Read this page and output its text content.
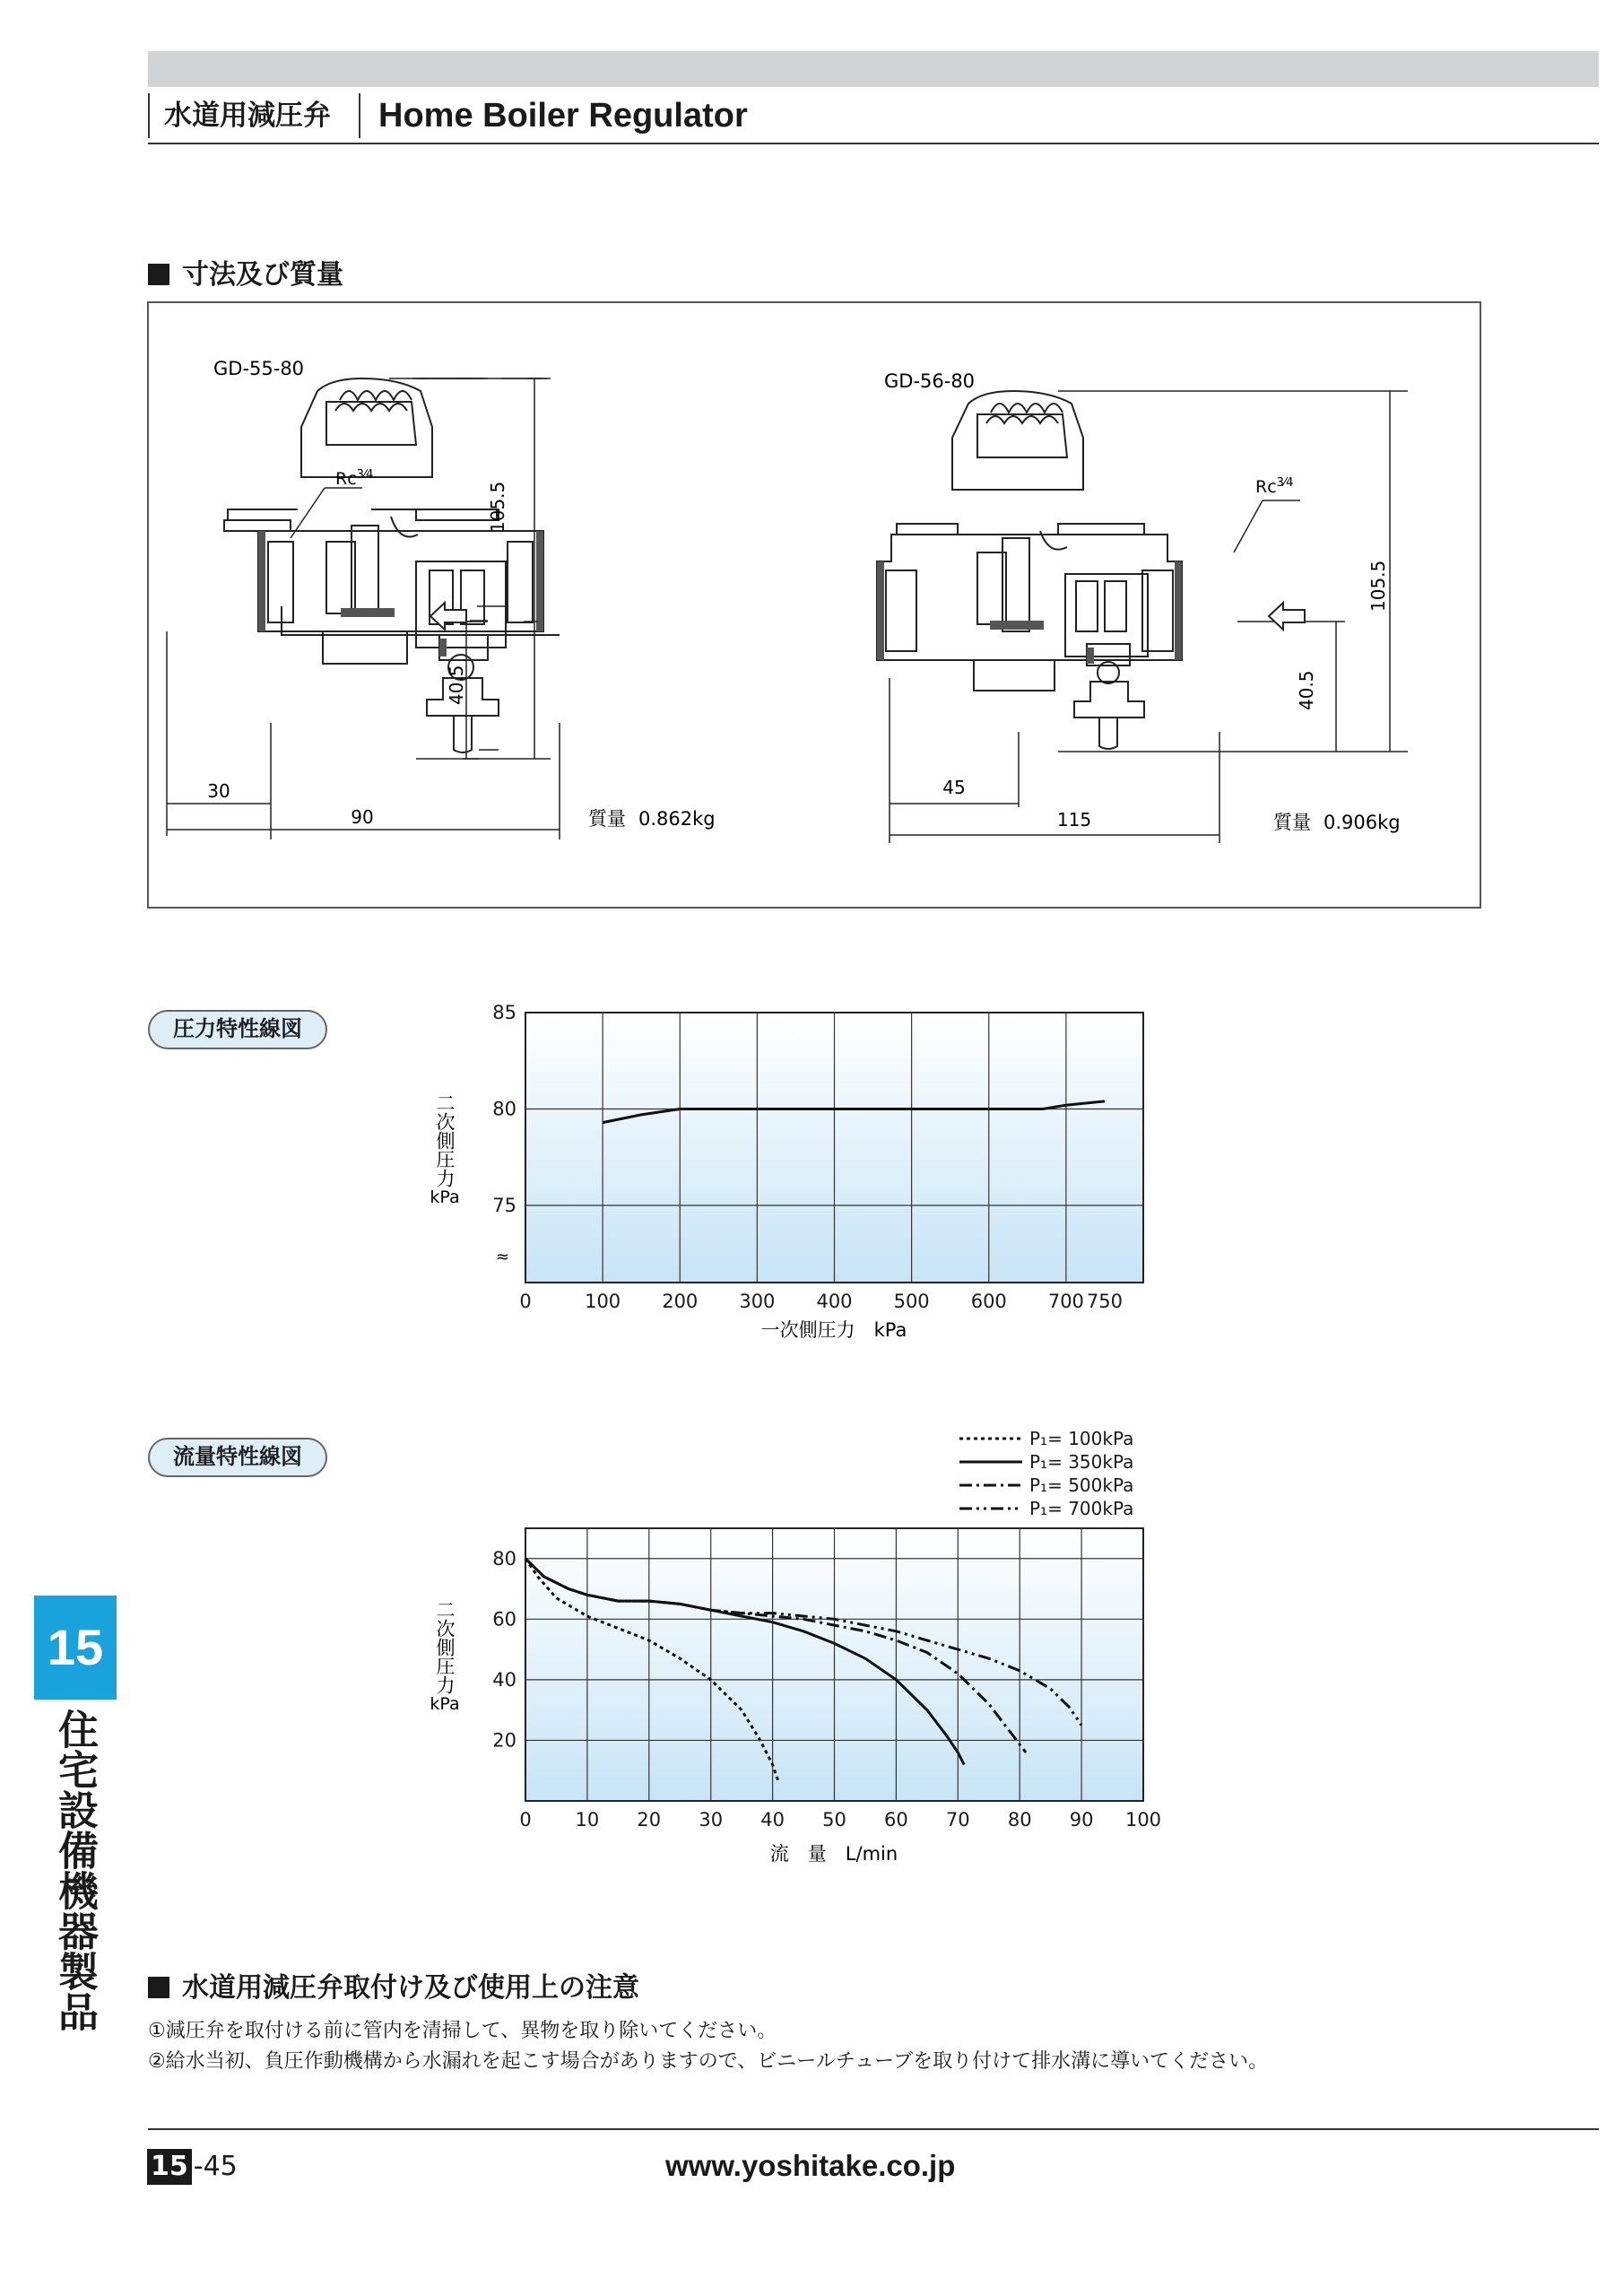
水道用減圧弁	Home Boiler Regulator
寸法及び質量
GD-55-80
$Rc^{3⁄4}$
105.5
40.5
30
90	質量 0.862kg
GD-56-80
$Rc^{3⁄4}$
105.5
40.5
45
115	質量 0.906kg
圧力特性線図
0	100 200 300 400 500 600 700 750
75
80
85
≈
一次側圧力　kPa
二次側圧力
kPa
流量特性線図
P₁= 100kPa
P₁= 350kPa
P₁= 500kPa
P₁= 700kPa
0 10 20 30 40 50 60 70 80 90 100
20
40
60
80
流　量　L/min
二次側圧力
kPa
水道用減圧弁取付け及び使用上の注意
①減圧弁を取付ける前に管内を清掃して、異物を取り除いてください。
②給水当初、負圧作動機構から水漏れを起こす場合がありますので、ビニールチューブを取り付けて排水溝に導いてください。
15 -45	www.yoshitake.co.jp
15
住宅設備機器製品
